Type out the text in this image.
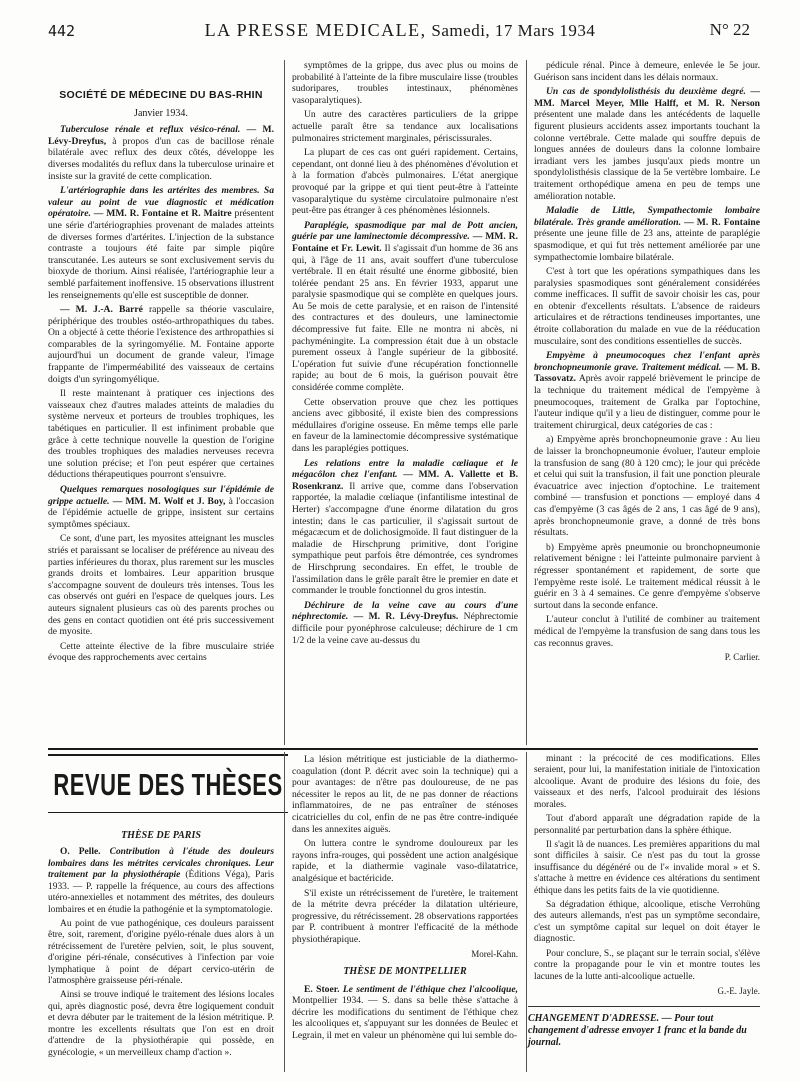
442	LA PRESSE MEDICALE, Samedi, 17 Mars 1934	N° 22
SOCIÉTÉ DE MÉDECINE DU BAS-RHIN
Janvier 1934.

Tuberculose rénale et reflux vésico-rénal. — M. Lévy-Dreyfus, à propos d'un cas de bacillose rénale bilatérale avec reflux des deux côtés, développe les diverses modalités du reflux dans la tuberculose urinaire et insiste sur la gravité de cette complication.

L'artériographie dans les artérites des membres. Sa valeur au point de vue diagnostic et médication opératoire. — MM. R. Fontaine et R. Maitre présentent une série d'artériographies provenant de malades atteints de diverses formes d'artérites. L'injection de la substance contraste a toujours été faite par simple piqûre transcutanée. Les auteurs se sont exclusivement servis du bioxyde de thorium. Ainsi réalisée, l'artériographie leur a semblé parfaitement inoffensive. 15 observations illustrent les renseignements qu'elle est susceptible de donner.

— M. J.-A. Barré rappelle sa théorie vasculaire, périphérique des troubles ostéo-arthropathiques du tabes. On a objecté à cette théorie l'existence des arthropathies si comparables de la syringomyélie. M. Fontaine apporte aujourd'hui un document de grande valeur, l'image frappante de l'imperméabilité des vaisseaux de certains doigts d'un syringomyélique.

Il reste maintenant à pratiquer ces injections des vaisseaux chez d'autres malades atteints de maladies du système nerveux et porteurs de troubles trophiques, les tabétiques en particulier. Il est infiniment probable que grâce à cette technique nouvelle la question de l'origine des troubles trophiques des maladies nerveuses recevra une solution précise; et l'on peut espérer que certaines déductions thérapeutiques pourront s'ensuivre.

Quelques remarques nosologiques sur l'épidémie de grippe actuelle. — MM. M. Wolf et J. Boy, à l'occasion de l'épidémie actuelle de grippe, insistent sur certains symptômes spéciaux.

Ce sont, d'une part, les myosites atteignant les muscles striés et paraissant se localiser de préférence au niveau des parties inférieures du thorax, plus rarement sur les muscles grands droits et lombaires. Leur apparition brusque s'accompagne souvent de douleurs très intenses. Tous les cas observés ont guéri en l'espace de quelques jours. Les auteurs signalent plusieurs cas où des parents proches ou des gens en contact quotidien ont été pris successivement de myosite.

Cette atteinte élective de la fibre musculaire striée évoque des rapprochements avec certains

symptômes de la grippe, dus avec plus ou moins de probabilité à l'atteinte de la fibre musculaire lisse (troubles sudoripares, troubles intestinaux, phénomènes vasoparalytiques).

Un autre des caractères particuliers de la grippe actuelle paraît être sa tendance aux localisations pulmonaires strictement marginales, périscissurales.

La plupart de ces cas ont guéri rapidement. Certains, cependant, ont donné lieu à des phénomènes d'évolution et à la formation d'abcès pulmonaires. L'état anergique provoqué par la grippe et qui tient peut-être à l'atteinte vasoparalytique du système circulatoire pulmonaire n'est peut-être pas étranger à ces phénomènes lésionnels.

Paraplégie, spasmodique par mal de Pott ancien, guérie par une laminectomie décompressive. — MM. R. Fontaine et Fr. Lewit. Il s'agissait d'un homme de 36 ans qui, à l'âge de 11 ans, avait souffert d'une tuberculose vertébrale. Il en était résulté une énorme gibbosité, bien tolérée pendant 25 ans. En février 1933, apparut une paralysie spasmodique qui se complète en quelques jours. Au 5e mois de cette paralysie, et en raison de l'intensité des contractures et des douleurs, une laminectomie décompressive fut faite. Elle ne montra ni abcès, ni pachyméningite. La compression était due à un obstacle purement osseux à l'angle supérieur de la gibbosité. L'opération fut suivie d'une récupération fonctionnelle rapide; au bout de 6 mois, la guérison pouvait être considérée comme complète.

Cette observation prouve que chez les pottiques anciens avec gibbosité, il existe bien des compressions médullaires d'origine osseuse. En même temps elle parle en faveur de la laminectomie décompressive systématique dans les paraplégies pottiques.

Les relations entre la maladie cœliaque et le mégacôlon chez l'enfant. — MM. A. Vallette et B. Rosenkranz. Il arrive que, comme dans l'observation rapportée, la maladie cœliaque (infantilisme intestinal de Herter) s'accompagne d'une énorme dilatation du gros intestin; dans le cas particulier, il s'agissait surtout de mégacæcum et de dolichosigmoïde. Il faut distinguer de la maladie de Hirschprung primitive, dont l'origine sympathique peut parfois être démontrée, ces syndromes de Hirschprung secondaires. En effet, le trouble de l'assimilation dans le grêle paraît être le premier en date et commander le trouble fonctionnel du gros intestin.

Déchirure de la veine cave au cours d'une néphrectomie. — M. R. Lévy-Dreyfus. Néphrectomie difficile pour pyonéphrose calculeuse; déchirure de 1 cm 1/2 de la veine cave au-dessus du

pédicule rénal. Pince à demeure, enlevée le 5e jour. Guérison sans incident dans les délais normaux.

Un cas de spondylolisthésis du deuxième degré. — MM. Marcel Meyer, Mlle Halff, et M. R. Nerson présentent une malade dans les antécédents de laquelle figurent plusieurs accidents assez importants touchant la colonne vertébrale. Cette malade qui souffre depuis de longues années de douleurs dans la colonne lombaire irradiant vers les jambes jusqu'aux pieds montre un spondylolisthésis classique de la 5e vertèbre lombaire. Le traitement orthopédique amena en peu de temps une amélioration notable.

Maladie de Little, Sympathectomie lombaire bilatérale. Très grande amélioration. — M. R. Fontaine présente une jeune fille de 23 ans, atteinte de paraplégie spasmodique, et qui fut très nettement améliorée par une sympathectomie lombaire bilatérale.

C'est à tort que les opérations sympathiques dans les paralysies spasmodiques sont généralement considérées comme inefficaces. Il suffit de savoir choisir les cas, pour en obtenir d'excellents résultats. L'absence de raideurs articulaires et de rétractions tendineuses importantes, une étroite collaboration du malade en vue de la rééducation musculaire, sont des conditions essentielles de succès.

Empyème à pneumocoques chez l'enfant après bronchopneumonie grave. Traitement médical. — M. B. Tassovatz. Après avoir rappelé brièvement le principe de la technique du traitement médical de l'empyème à pneumocoques, traitement de Gralka par l'optochine, l'auteur indique qu'il y a lieu de distinguer, comme pour le traitement chirurgical, deux catégories de cas :

a) Empyème après bronchopneumonie grave : Au lieu de laisser la bronchopneumonie évoluer, l'auteur emploie la transfusion de sang (80 à 120 cmc); le jour qui précède et celui qui suit la transfusion, il fait une ponction pleurale évacuatrice avec injection d'optochine. Le traitement combiné — transfusion et ponctions — employé dans 4 cas d'empyème (3 cas âgés de 2 ans, 1 cas âgé de 9 ans), après bronchopneumonie grave, a donné de très bons résultats.

b) Empyème après pneumonie ou bronchopneumonie relativement bénigne : lei l'atteinte pulmonaire parvient à régresser spontanément et rapidement, de sorte que l'empyème reste isolé. Le traitement médical réussit à le guérir en 3 à 4 semaines. Ce genre d'empyème s'observe surtout dans la seconde enfance.

L'auteur conclut à l'utilité de combiner au traitement médical de l'empyème la transfusion de sang dans tous les cas reconnus graves.

P. Carlier.
REVUE DES THÈSES
THÈSE DE PARIS

O. Pelle. Contribution à l'étude des douleurs lombaires dans les métrites cervicales chroniques. Leur traitement par la physiothérapie (Éditions Véga), Paris 1933. — P. rappelle la fréquence, au cours des affections utéro-annexielles et notamment des métrites, des douleurs lombaires et en étudie la pathogénie et la symptomatologie.

Au point de vue pathogénique, ces douleurs paraissent être, soit, rarement, d'origine pyélo-rénale dues alors à un rétrécissement de l'uretère pelvien, soit, le plus souvent, d'origine péri-rénale, consécutives à l'infection par voie lymphatique à point de départ cervico-utérin de l'atmosphère graisseuse péri-rénale.

Ainsi se trouve indiqué le traitement des lésions locales qui, après diagnostic posé, devra être logiquement conduit et devra débuter par le traitement de la lésion métritique. P. montre les excellents résultats que l'on est en droit d'attendre de la physiothérapie qui possède, en gynécologie, « un merveilleux champ d'action ».

La lésion métritique est justiciable de la diathermo-coagulation (dont P. décrit avec soin la technique) qui a pour avantages: de n'être pas douloureuse, de ne pas nécessiter le repos au lit, de ne pas donner de réactions inflammatoires, de ne pas entraîner de sténoses cicatricielles du col, enfin de ne pas être contre-indiquée dans les annexites aiguës.

On luttera contre le syndrome douloureux par les rayons infra-rouges, qui possèdent une action analgésique rapide, et la diathermie vaginale vaso-dilatatrice, analgésique et bactéricide.

S'il existe un rétrécissement de l'uretère, le traitement de la métrite devra précéder la dilatation ultérieure, progressive, du rétrécissement. 28 observations rapportées par P. contribuent à montrer l'efficacité de la méthode physiothérapique.

Morel-Kahn.
THÈSE DE MONTPELLIER

E. Stoer. Le sentiment de l'éthique chez l'alcoolique, Montpellier 1934. — S. dans sa belle thèse s'attache à décrire les modifications du sentiment de l'éthique chez les alcooliques et, s'appuyant sur les données de Beulec et Legrain, il met en valeur un phénomène qui lui semble do-

minant : la précocité de ces modifications. Elles seraient, pour lui, la manifestation initiale de l'intoxication alcoolique. Avant de produire des lésions du foie, des vaisseaux et des nerfs, l'alcool produirait des lésions morales.

Tout d'abord apparaît une dégradation rapide de la personnalité par perturbation dans la sphère éthique.

Il s'agit là de nuances. Les premières apparitions du mal sont difficiles à saisir. Ce n'est pas du tout la grosse insuffisance du dégénéré ou de l'« invalide moral » et S. s'attache à mettre en évidence ces altérations du sentiment éthique dans les petits faits de la vie quotidienne.

Sa dégradation éthique, alcoolique, etische Verrohüng des auteurs allemands, n'est pas un symptôme secondaire, c'est un symptôme capital sur lequel on doit étayer le diagnostic.

Pour conclure, S., se plaçant sur le terrain social, s'élève contre la propagande pour le vin et montre toutes les lacunes de la lutte anti-alcoolique actuelle.

G.-E. Jayle.
CHANGEMENT D'ADRESSE. — Pour tout changement d'adresse envoyer 1 franc et la bande du journal.
